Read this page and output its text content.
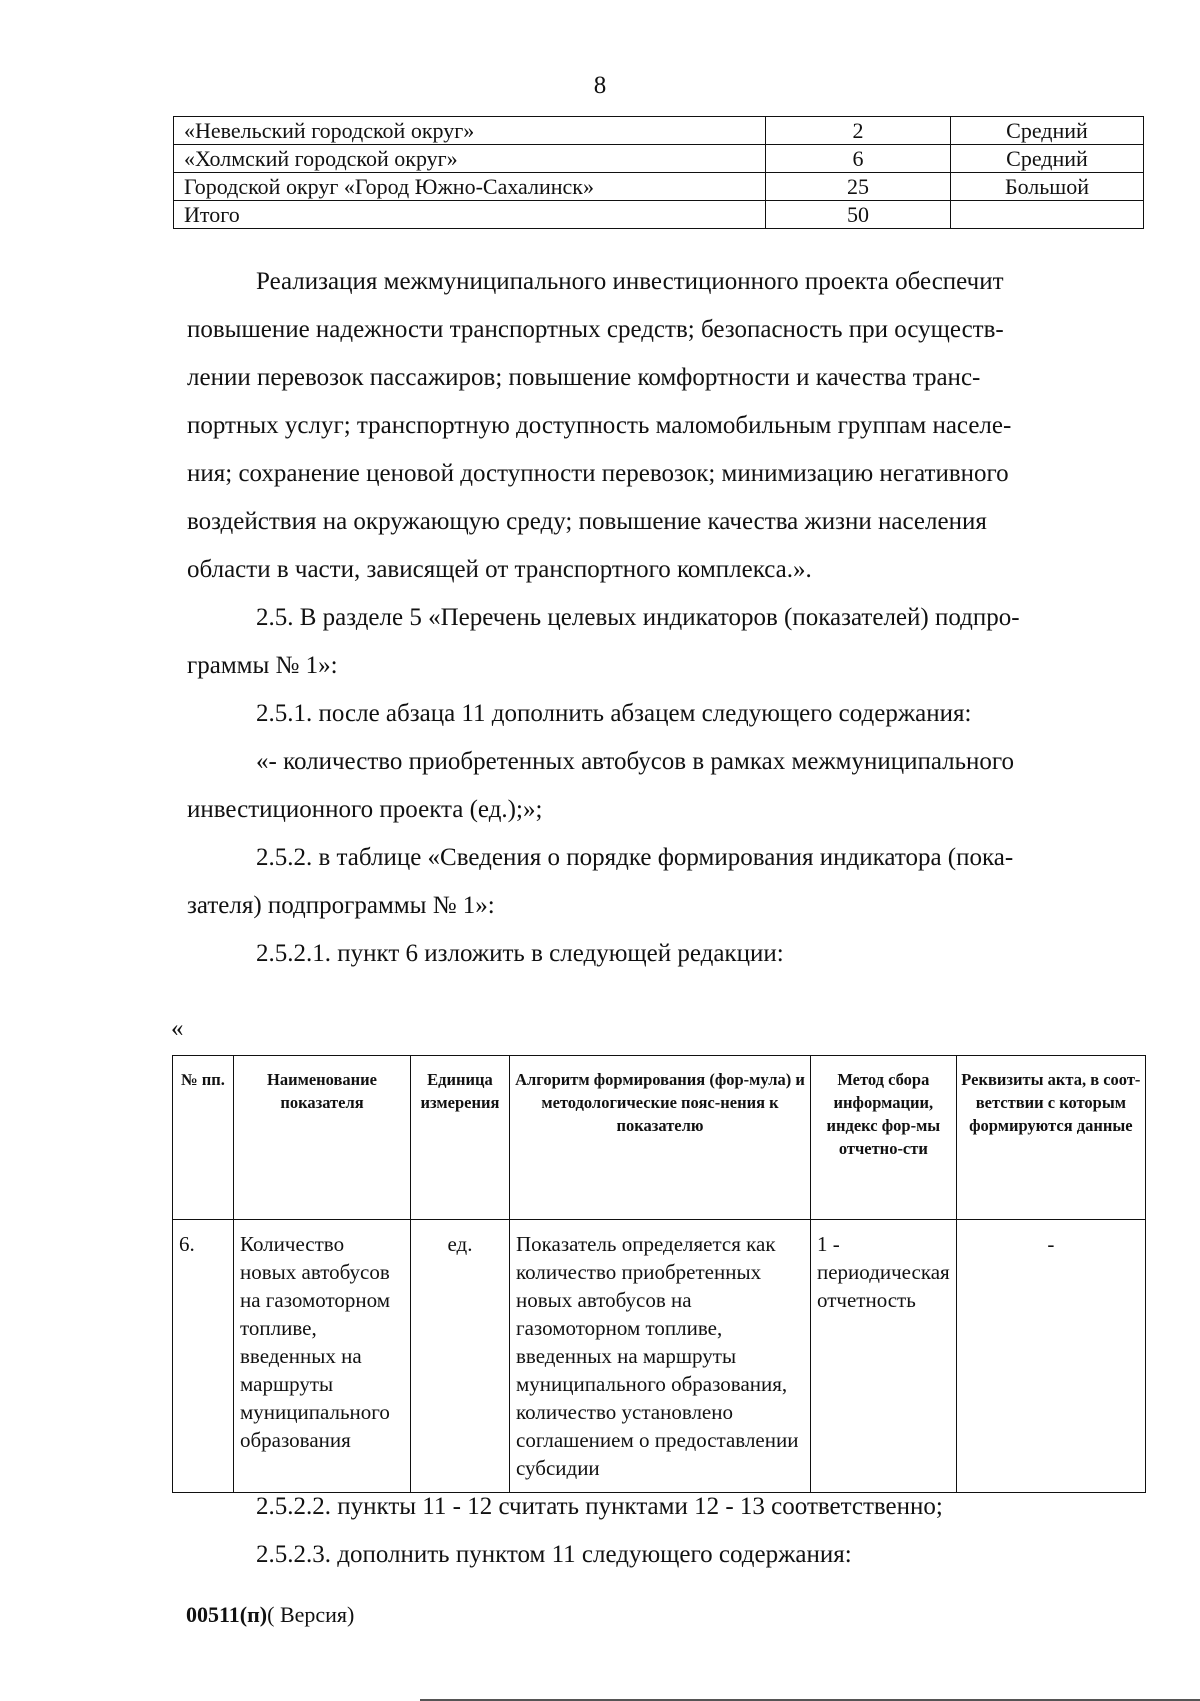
8
«Невельский городской округ»	2	Средний
«Холмский городской округ»	6	Средний
Городской округ «Город Южно-Сахалинск»	25	Большой
Итого	50	
Реализация межмуниципального инвестиционного проекта обеспечит
повышение надежности транспортных средств; безопасность при осуществ-
лении перевозок пассажиров; повышение комфортности и качества транс-
портных услуг; транспортную доступность маломобильным группам населе-
ния; сохранение ценовой доступности перевозок; минимизацию негативного
воздействия на окружающую среду; повышение качества жизни населения
области в части, зависящей от транспортного комплекса.».
2.5. В разделе 5 «Перечень целевых индикаторов (показателей) подпро-
граммы № 1»:
2.5.1. после абзаца 11 дополнить абзацем следующего содержания:
«- количество приобретенных автобусов в рамках межмуниципального
инвестиционного проекта (ед.);»;
2.5.2. в таблице «Сведения о порядке формирования индикатора (пока-
зателя) подпрограммы № 1»:
2.5.2.1. пункт 6 изложить в следующей редакции:
«
№ пп.	Наименование показателя	Единица измерения	Алгоритм формирования (фор-мула) и методологические пояс-нения к показателю	Метод сбора информации, индекс фор-мы отчетно-сти	Реквизиты акта, в соот-ветствии с которым формируются данные
6.	Количество новых автобусов на газомоторном топливе, введенных на маршруты муниципального образования	ед.	Показатель определяется как количество приобретенных новых автобусов на газомоторном топливе, введенных на маршруты муниципального образования, количество установлено соглашением о предоставлении субсидии	1 - периодическая отчетность	-
2.5.2.2. пункты 11 - 12 считать пунктами 12 - 13 соответственно;
2.5.2.3. дополнить пунктом 11 следующего содержания:
00511(п)( Версия)
